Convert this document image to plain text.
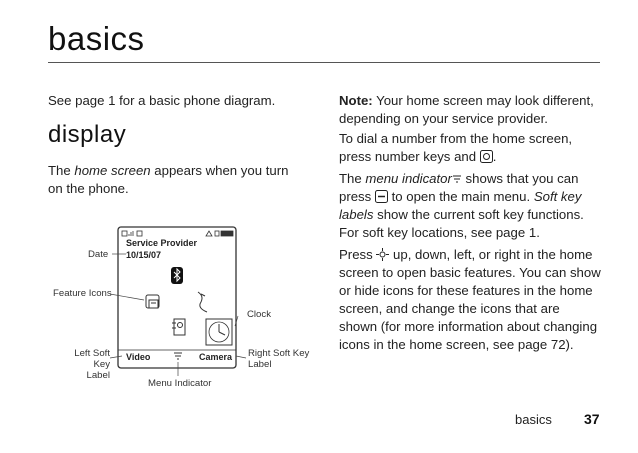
basics
See page 1 for a basic phone diagram.
display
The home screen appears when you turn on the phone.
Service Provider
10/15/07
Video	Camera
Date
Feature Icons
Clock
Left Soft Key
Label
Right Soft Key
Label
Menu Indicator
Note: Your home screen may look different, depending on your service provider.
To dial a number from the home screen, press number keys and .
The menu indicator shows that you can press  to open the main menu. Soft key labels show the current soft key functions. For soft key locations, see page 1.
Press  up, down, left, or right in the home screen to open basic features. You can show or hide icons for these features in the home screen, and change the icons that are shown (for more information about changing icons in the home screen, see page 72).
basics 37
